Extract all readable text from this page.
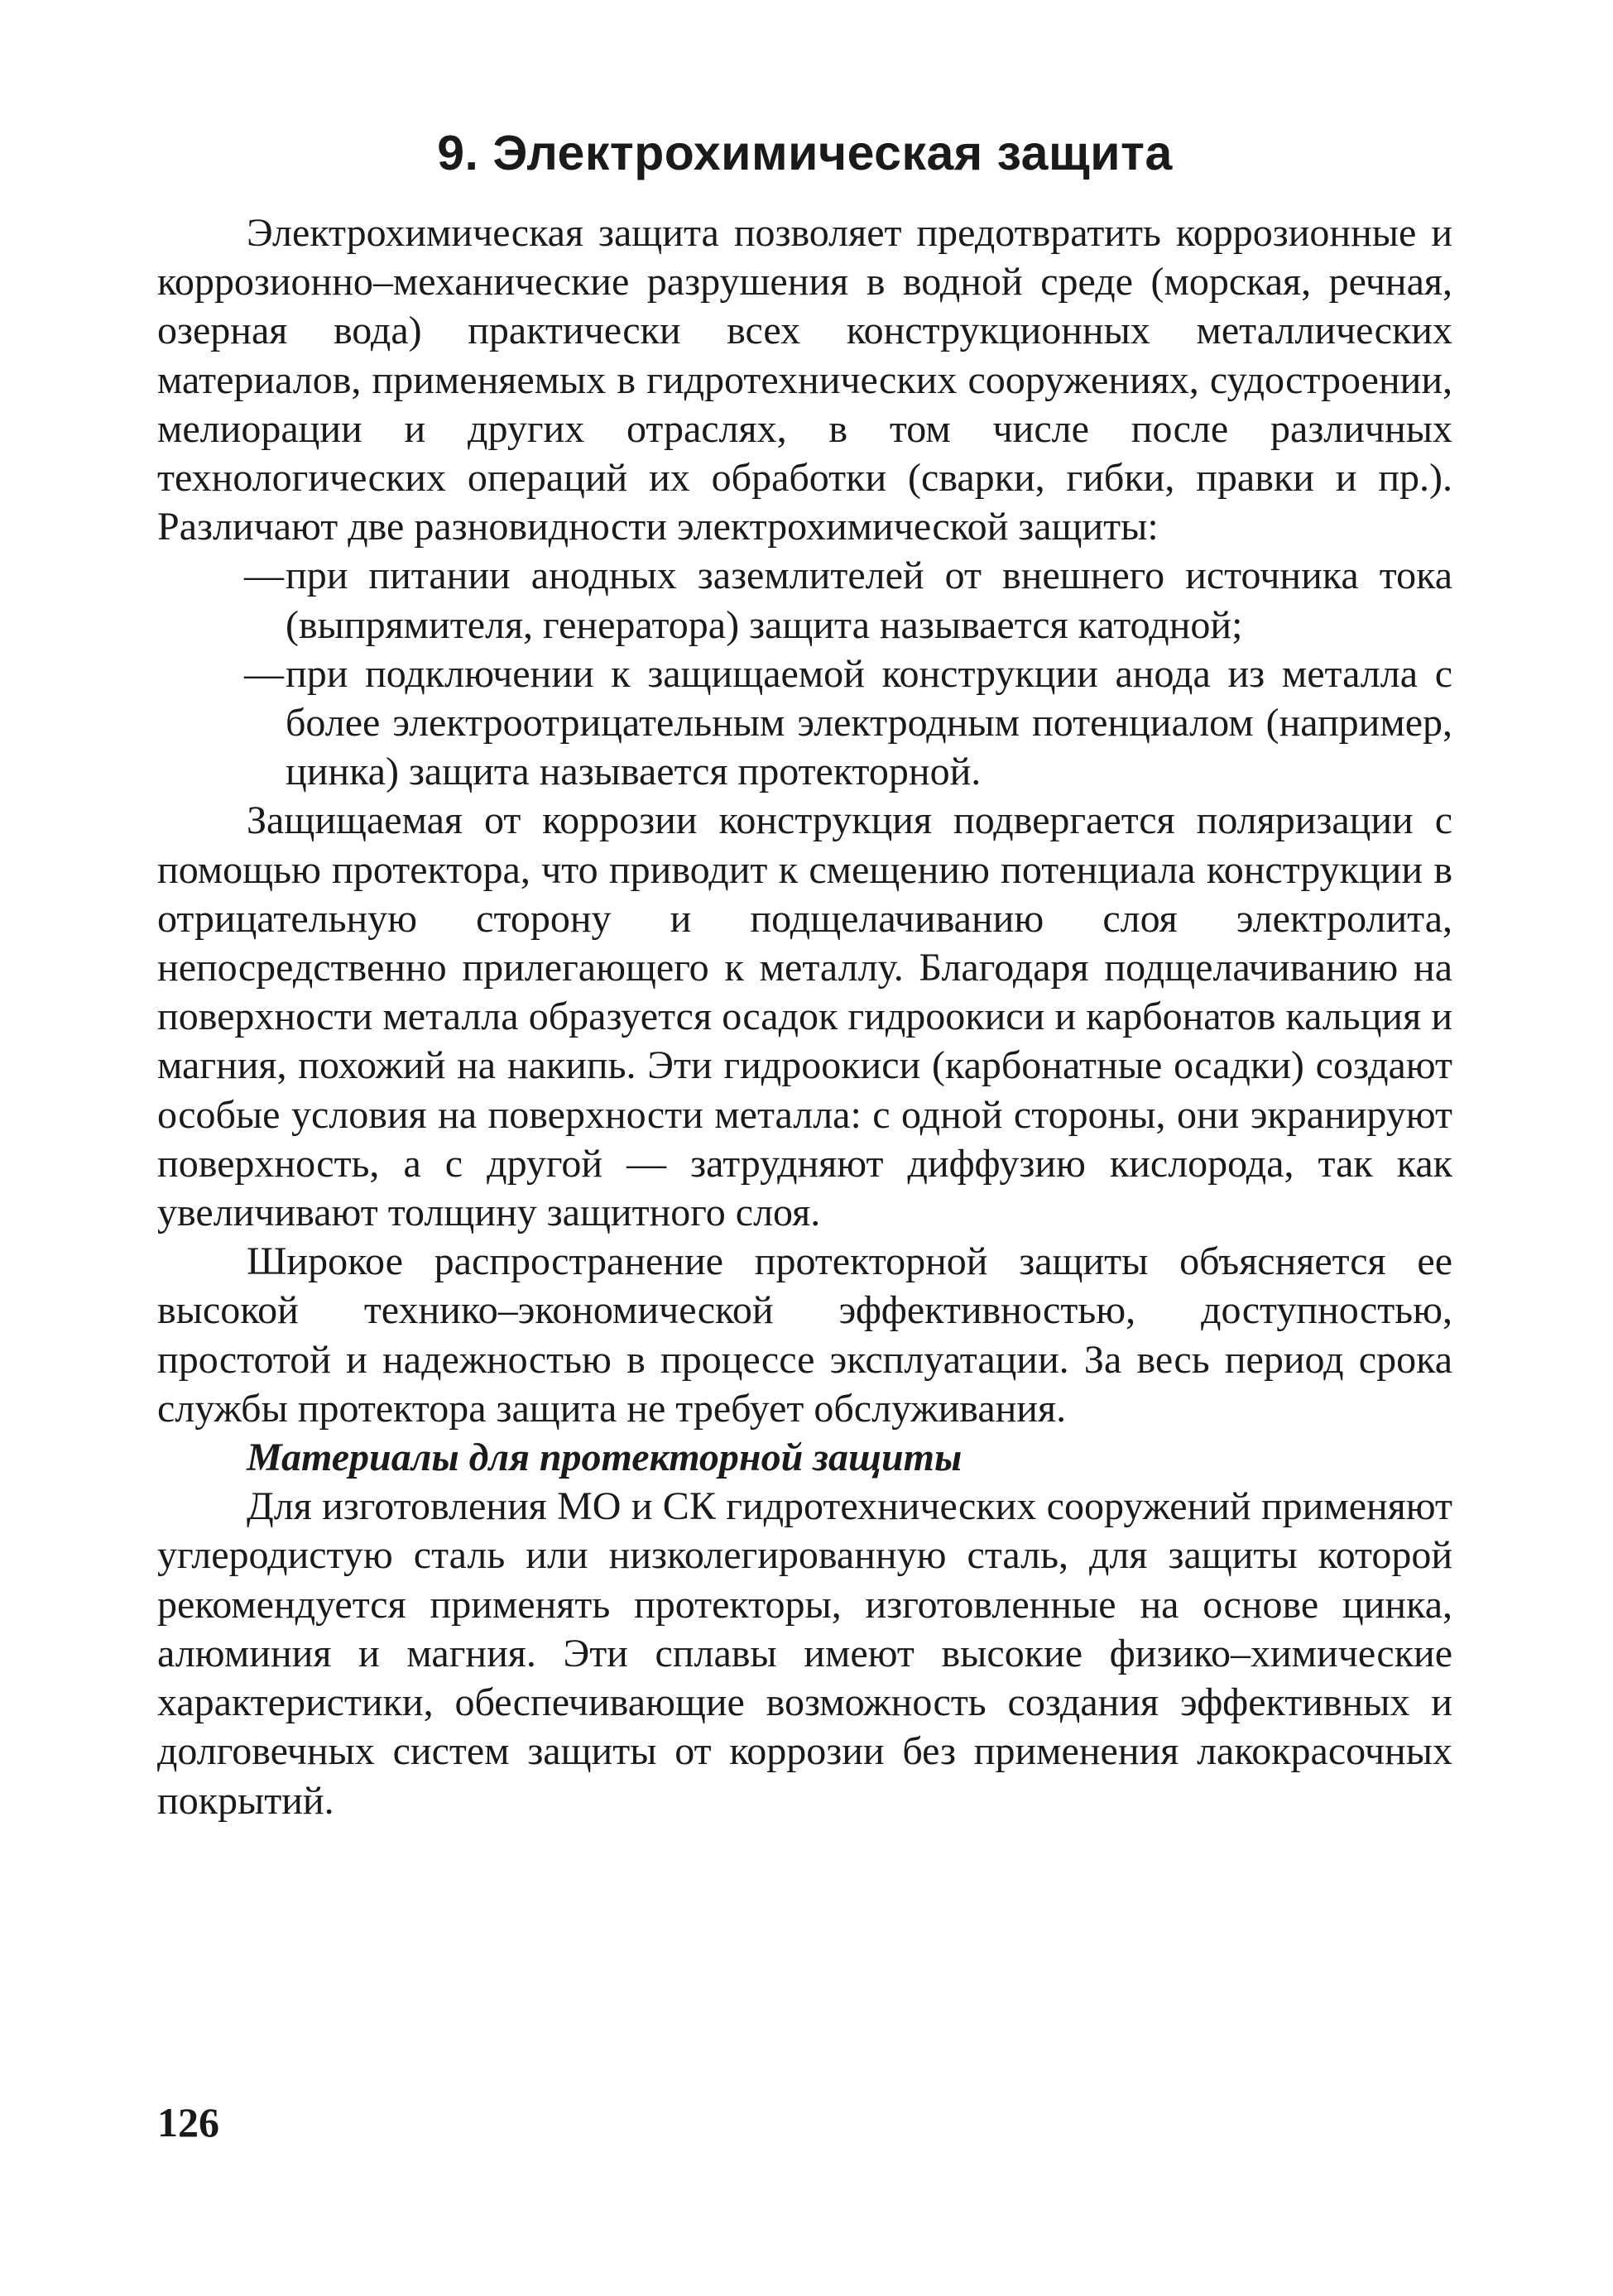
9. Электрохимическая защита

Электрохимическая защита позволяет предотвратить коррозионные и коррозионно–механические разрушения в водной среде (морская, речная, озерная вода) практически всех конструкционных металлических материалов, применяемых в гидротехнических сооружениях, судостроении, мелиорации и других отраслях, в том числе после различных технологических операций их обработки (сварки, гибки, правки и пр.). Различают две разновидности электрохимической защиты:

— при питании анодных заземлителей от внешнего источника тока (выпрямителя, генератора) защита называется катодной;
— при подключении к защищаемой конструкции анода из металла с более электроотрицательным электродным потенциалом (например, цинка) защита называется протекторной.

Защищаемая от коррозии конструкция подвергается поляризации с помощью протектора, что приводит к смещению потенциала конструкции в отрицательную сторону и подщелачиванию слоя электролита, непосредственно прилегающего к металлу. Благодаря подщелачиванию на поверхности металла образуется осадок гидроокиси и карбонатов кальция и магния, похожий на накипь. Эти гидроокиси (карбонатные осадки) создают особые условия на поверхности металла: с одной стороны, они экранируют поверхность, а с другой — затрудняют диффузию кислорода, так как увеличивают толщину защитного слоя.

Широкое распространение протекторной защиты объясняется ее высокой технико–экономической эффективностью, доступностью, простотой и надежностью в процессе эксплуатации. За весь период срока службы протектора защита не требует обслуживания.

Материалы для протекторной защиты

Для изготовления МО и СК гидротехнических сооружений применяют углеродистую сталь или низколегированную сталь, для защиты которой рекомендуется применять протекторы, изготовленные на основе цинка, алюминия и магния. Эти сплавы имеют высокие физико–химические характеристики, обеспечивающие возможность создания эффективных и долговечных систем защиты от коррозии без применения лакокрасочных покрытий.

126
